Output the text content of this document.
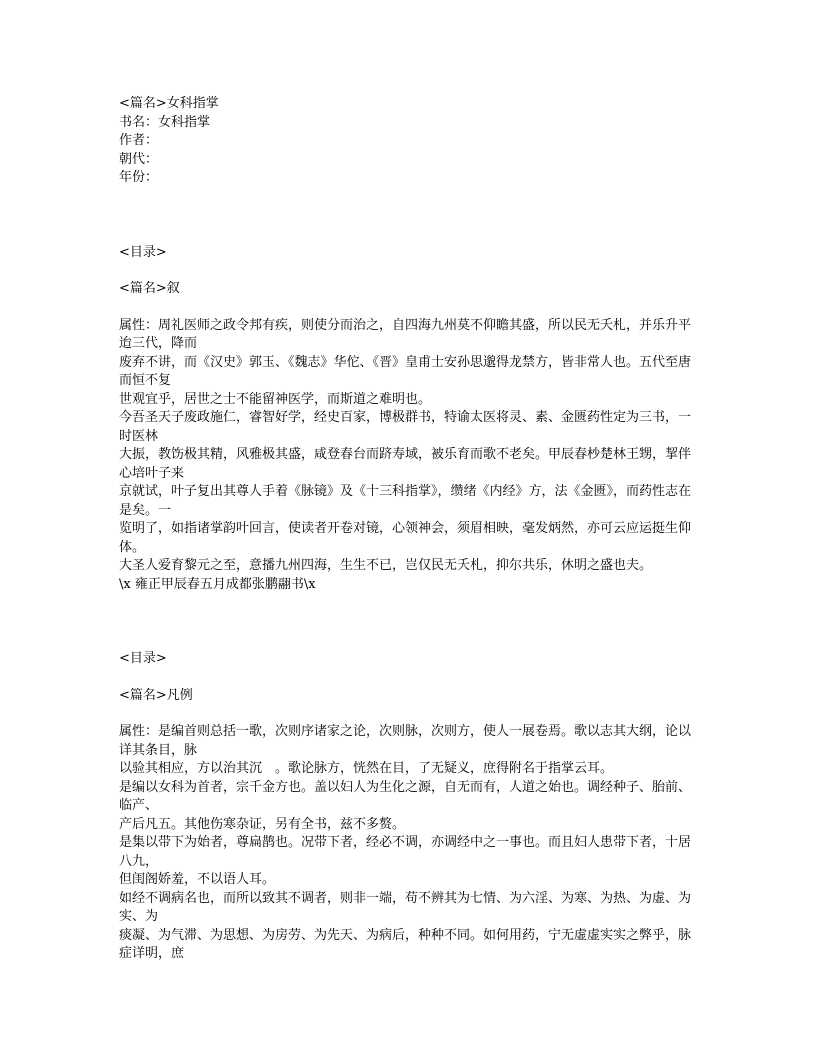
<篇名>女科指掌

书名：女科指掌

作者：

朝代：

年份：

<目录>

<篇名>叙

属性：周礼医师之政令邦有疾，则使分而治之，自四海九州莫不仰瞻其盛，所以民无夭札，并乐升平迨三代，降而

废弃不讲，而《汉史》郭玉、《魏志》华佗、《晋》皇甫士安孙思邈得龙禁方，皆非常人也。五代至唐而恒不复

世观宜乎，居世之士不能留神医学，而斯道之难明也。

今吾圣天子废政施仁，睿智好学，经史百家，博极群书，特谕太医将灵、素、金匮药性定为三书，一时医林

大振，教饬极其精，风雅极其盛，咸登春台而跻寿域，被乐育而歌不老矣。甲辰春杪楚林王甥，挈伴心培叶子来

京就试，叶子复出其尊人手着《脉镜》及《十三科指掌》，缵绪《内经》方，法《金匮》，而药性志在是矣。一

览明了，如指诸掌韵叶回言，使读者开卷对镜，心领神会，须眉相映，毫发炳然，亦可云应运挺生仰体。

大圣人爱育黎元之至，意播九州四海，生生不已，岂仅民无夭札，抑尔共乐，休明之盛也夫。

\x 雍正甲辰春五月成都张鹏翮书\x

<目录>

<篇名>凡例

属性：是编首则总括一歌，次则序诸家之论，次则脉，次则方，使人一展卷焉。歌以志其大纲，论以详其条目，脉

以验其相应，方以治其沉　。歌论脉方，恍然在目，了无疑义，庶得附名于指掌云耳。

是编以女科为首者，宗千金方也。盖以妇人为生化之源，自无而有，人道之始也。调经种子、胎前、临产、

产后凡五。其他伤寒杂证，另有全书，兹不多赘。

是集以带下为始者，尊扁鹊也。况带下者，经必不调，亦调经中之一事也。而且妇人患带下者，十居八九，

但闺阁娇羞，不以语人耳。

如经不调病名也，而所以致其不调者，则非一端，苟不辨其为七情、为六淫、为寒、为热、为虚、为实、为

痰凝、为气滞、为思想、为房劳、为先天、为病后，种种不同。如何用药，宁无虚虚实实之弊乎，脉症详明，庶
